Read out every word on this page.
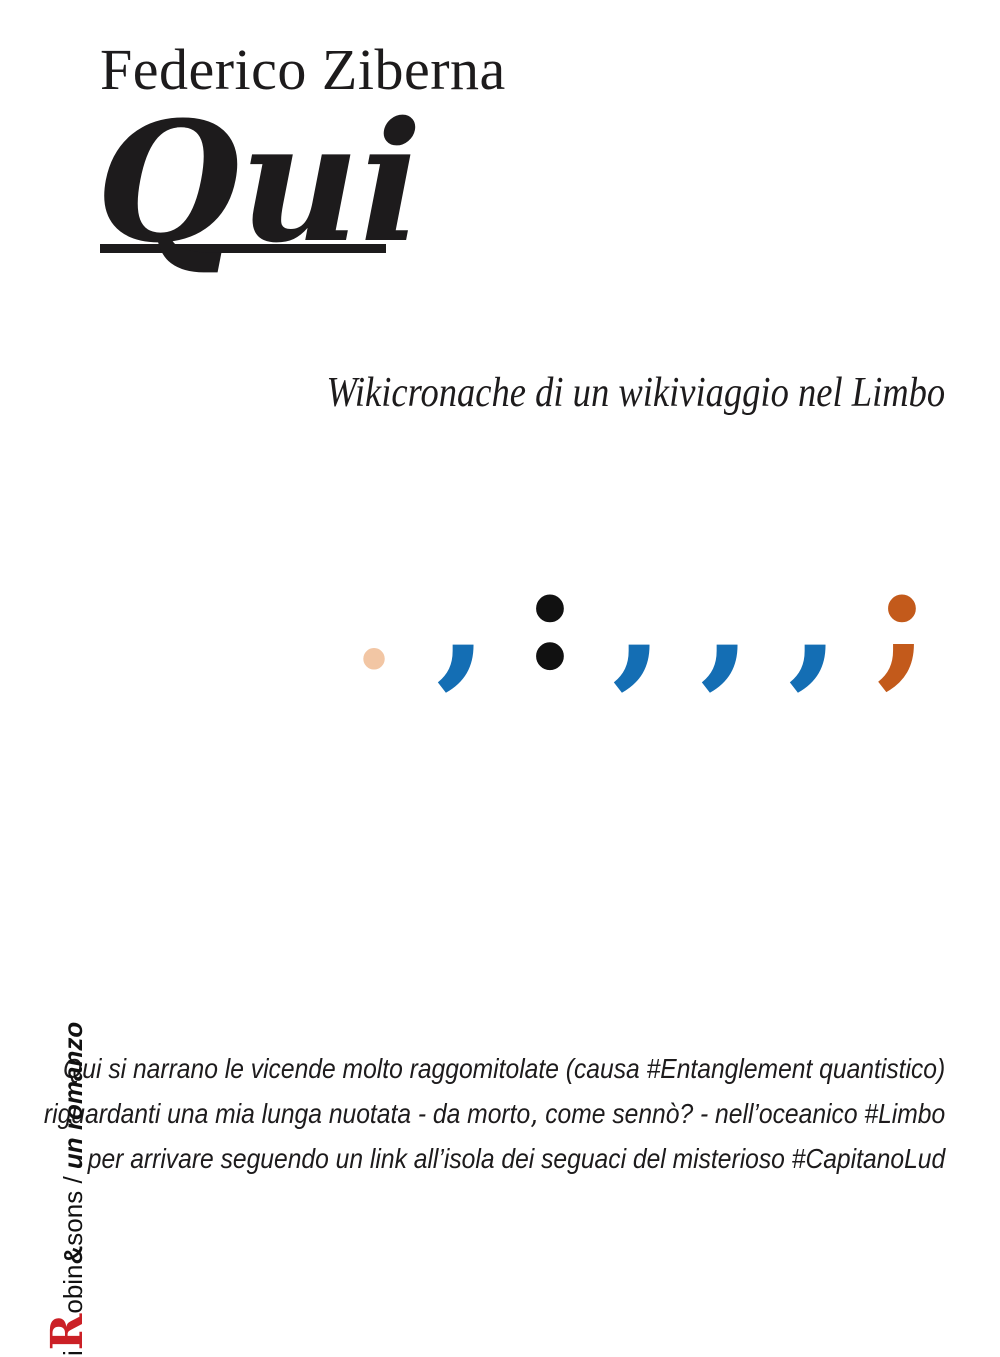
Federico Ziberna
Qui
Wikicronache di un wikiviaggio nel Limbo
. , : , , , ;
Qui si narrano le vicende molto raggomitolate (causa #Entanglement quantistico)
riguardanti una mia lunga nuotata - da morto, come sennò? - nell’oceanico #Limbo
per arrivare seguendo un link all’isola dei seguaci del misterioso #CapitanoLud
iRobin&sons / un romanzo
